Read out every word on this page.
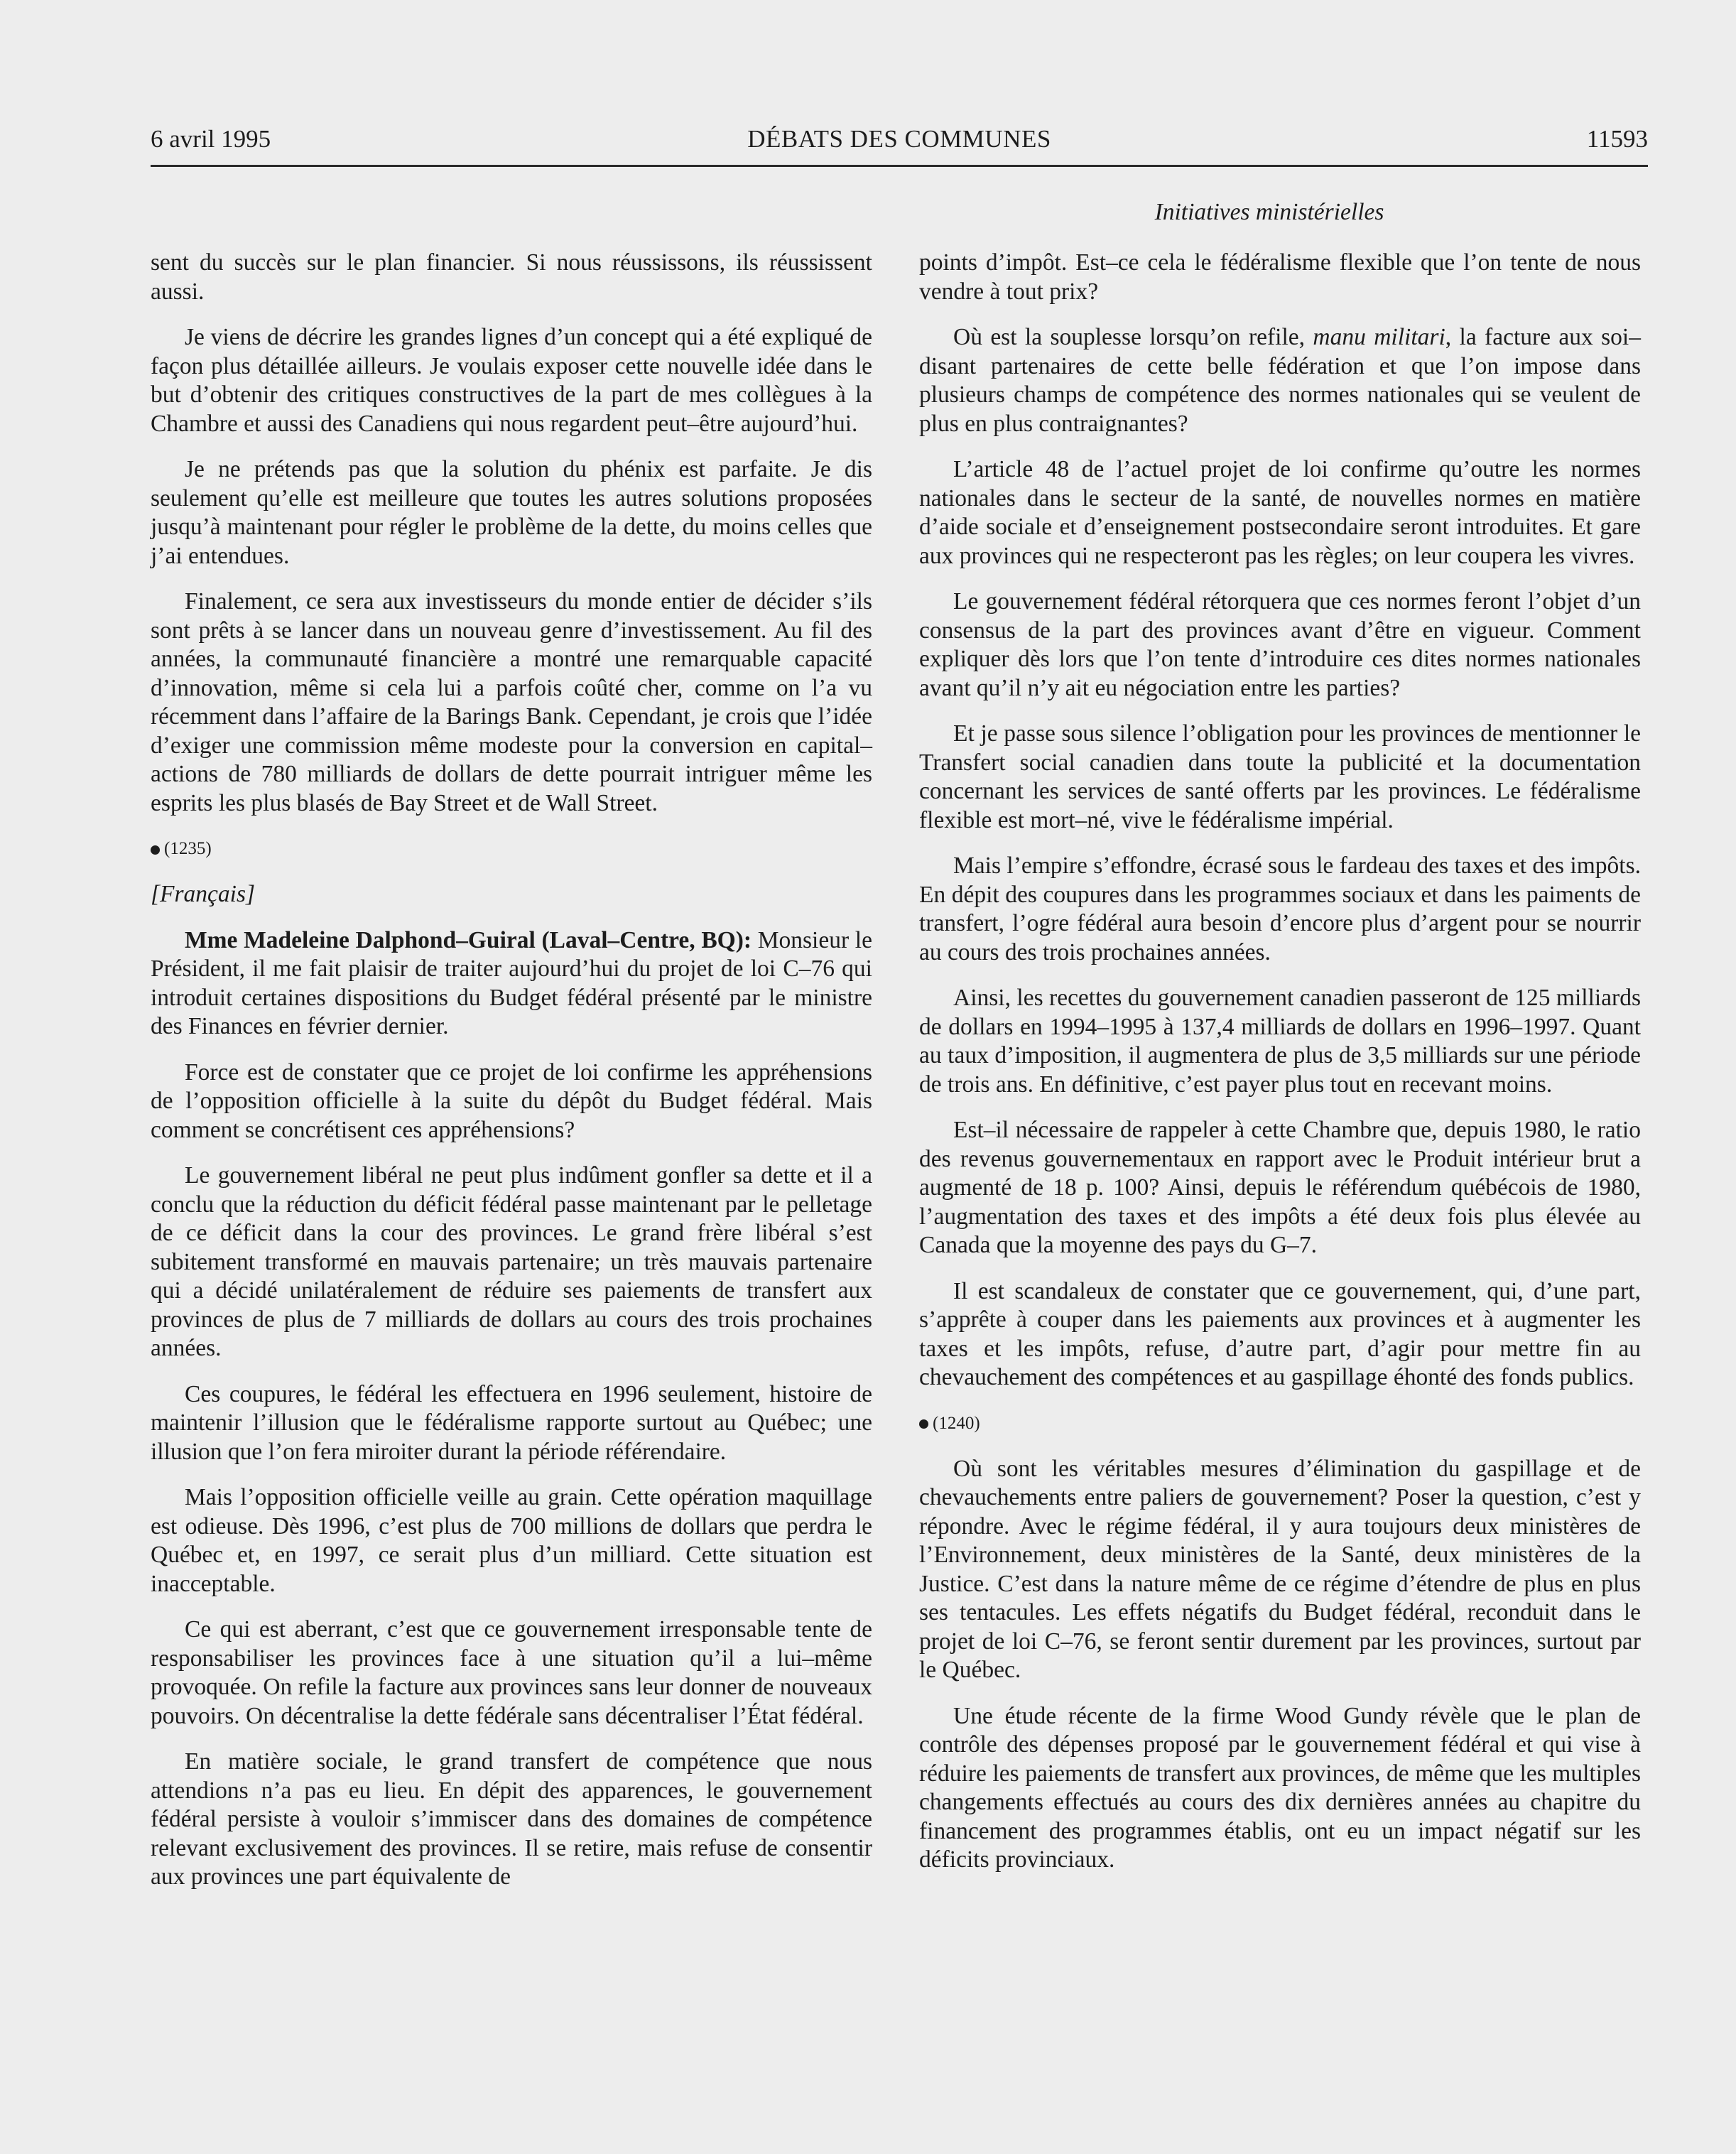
6 avril 1995	DÉBATS DES COMMUNES	11593
Initiatives ministérielles

sent du succès sur le plan financier. Si nous réussissons, ils réussissent aussi.

Je viens de décrire les grandes lignes d’un concept qui a été expliqué de façon plus détaillée ailleurs. Je voulais exposer cette nouvelle idée dans le but d’obtenir des critiques constructives de la part de mes collègues à la Chambre et aussi des Canadiens qui nous regardent peut–être aujourd’hui.

Je ne prétends pas que la solution du phénix est parfaite. Je dis seulement qu’elle est meilleure que toutes les autres solutions proposées jusqu’à maintenant pour régler le problème de la dette, du moins celles que j’ai entendues.

Finalement, ce sera aux investisseurs du monde entier de décider s’ils sont prêts à se lancer dans un nouveau genre d’investissement. Au fil des années, la communauté financière a montré une remarquable capacité d’innovation, même si cela lui a parfois coûté cher, comme on l’a vu récemment dans l’affaire de la Barings Bank. Cependant, je crois que l’idée d’exiger une commission même modeste pour la conversion en capital–actions de 780 milliards de dollars de dette pourrait intriguer même les esprits les plus blasés de Bay Street et de Wall Street.

(1235)
[Français]

Mme Madeleine Dalphond–Guiral (Laval–Centre, BQ): Monsieur le Président, il me fait plaisir de traiter aujourd’hui du projet de loi C–76 qui introduit certaines dispositions du Budget fédéral présenté par le ministre des Finances en février dernier.

Force est de constater que ce projet de loi confirme les appréhensions de l’opposition officielle à la suite du dépôt du Budget fédéral. Mais comment se concrétisent ces appréhensions?

Le gouvernement libéral ne peut plus indûment gonfler sa dette et il a conclu que la réduction du déficit fédéral passe maintenant par le pelletage de ce déficit dans la cour des provinces. Le grand frère libéral s’est subitement transformé en mauvais partenaire; un très mauvais partenaire qui a décidé unilatéralement de réduire ses paiements de transfert aux provinces de plus de 7 milliards de dollars au cours des trois prochaines années.

Ces coupures, le fédéral les effectuera en 1996 seulement, histoire de maintenir l’illusion que le fédéralisme rapporte surtout au Québec; une illusion que l’on fera miroiter durant la période référendaire.

Mais l’opposition officielle veille au grain. Cette opération maquillage est odieuse. Dès 1996, c’est plus de 700 millions de dollars que perdra le Québec et, en 1997, ce serait plus d’un milliard. Cette situation est inacceptable.

Ce qui est aberrant, c’est que ce gouvernement irresponsable tente de responsabiliser les provinces face à une situation qu’il a lui–même provoquée. On refile la facture aux provinces sans leur donner de nouveaux pouvoirs. On décentralise la dette fédérale sans décentraliser l’État fédéral.

En matière sociale, le grand transfert de compétence que nous attendions n’a pas eu lieu. En dépit des apparences, le gouvernement fédéral persiste à vouloir s’immiscer dans des domaines de compétence relevant exclusivement des provinces. Il se retire, mais refuse de consentir aux provinces une part équivalente de

points d’impôt. Est–ce cela le fédéralisme flexible que l’on tente de nous vendre à tout prix?

Où est la souplesse lorsqu’on refile, manu militari, la facture aux soi–disant partenaires de cette belle fédération et que l’on impose dans plusieurs champs de compétence des normes nationales qui se veulent de plus en plus contraignantes?

L’article 48 de l’actuel projet de loi confirme qu’outre les normes nationales dans le secteur de la santé, de nouvelles normes en matière d’aide sociale et d’enseignement postsecondaire seront introduites. Et gare aux provinces qui ne respecteront pas les règles; on leur coupera les vivres.

Le gouvernement fédéral rétorquera que ces normes feront l’objet d’un consensus de la part des provinces avant d’être en vigueur. Comment expliquer dès lors que l’on tente d’introduire ces dites normes nationales avant qu’il n’y ait eu négociation entre les parties?

Et je passe sous silence l’obligation pour les provinces de mentionner le Transfert social canadien dans toute la publicité et la documentation concernant les services de santé offerts par les provinces. Le fédéralisme flexible est mort–né, vive le fédéralisme impérial.

Mais l’empire s’effondre, écrasé sous le fardeau des taxes et des impôts. En dépit des coupures dans les programmes sociaux et dans les paiments de transfert, l’ogre fédéral aura besoin d’encore plus d’argent pour se nourrir au cours des trois prochaines années.

Ainsi, les recettes du gouvernement canadien passeront de 125 milliards de dollars en 1994–1995 à 137,4 milliards de dollars en 1996–1997. Quant au taux d’imposition, il augmentera de plus de 3,5 milliards sur une période de trois ans. En définitive, c’est payer plus tout en recevant moins.

Est–il nécessaire de rappeler à cette Chambre que, depuis 1980, le ratio des revenus gouvernementaux en rapport avec le Produit intérieur brut a augmenté de 18 p. 100? Ainsi, depuis le référendum québécois de 1980, l’augmentation des taxes et des impôts a été deux fois plus élevée au Canada que la moyenne des pays du G–7.

Il est scandaleux de constater que ce gouvernement, qui, d’une part, s’apprête à couper dans les paiements aux provinces et à augmenter les taxes et les impôts, refuse, d’autre part, d’agir pour mettre fin au chevauchement des compétences et au gaspillage éhonté des fonds publics.

(1240)

Où sont les véritables mesures d’élimination du gaspillage et de chevauchements entre paliers de gouvernement? Poser la question, c’est y répondre. Avec le régime fédéral, il y aura toujours deux ministères de l’Environnement, deux ministères de la Santé, deux ministères de la Justice. C’est dans la nature même de ce régime d’étendre de plus en plus ses tentacules. Les effets négatifs du Budget fédéral, reconduit dans le projet de loi C–76, se feront sentir durement par les provinces, surtout par le Québec.

Une étude récente de la firme Wood Gundy révèle que le plan de contrôle des dépenses proposé par le gouvernement fédéral et qui vise à réduire les paiements de transfert aux provinces, de même que les multiples changements effectués au cours des dix dernières années au chapitre du financement des programmes établis, ont eu un impact négatif sur les déficits provinciaux.
